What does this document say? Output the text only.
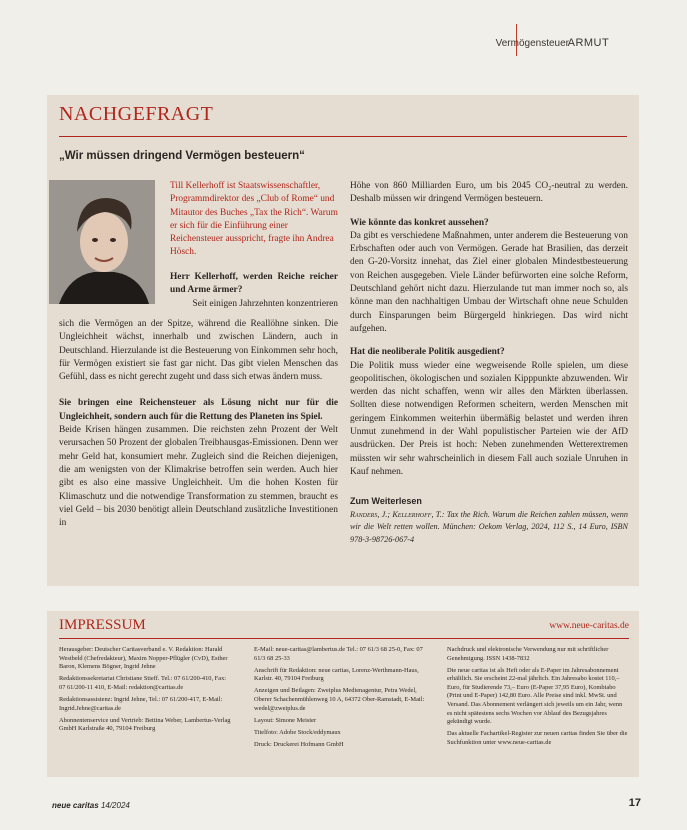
Vermögensteuer
ARMUT
NACHGEFRAGT
„Wir müssen dringend Vermögen besteuern“
Till Kellerhoff ist Staatswissenschaftler, Programmdirektor des „Club of Rome“ und Mitautor des Buches „Tax the Rich“. Warum er sich für die Einführung einer Reichensteuer ausspricht, fragte ihn Andrea Hösch.

Herr Kellerhoff, werden Reiche reicher und Arme ärmer?

Seit einigen Jahrzehnten konzentrieren

sich die Vermögen an der Spitze, während die Reallöhne sinken. Die Ungleichheit wächst, innerhalb und zwischen Ländern, auch in Deutschland. Hierzulande ist die Besteuerung von Einkommen sehr hoch, für Vermögen existiert sie fast gar nicht. Das gibt vielen Menschen das Gefühl, dass es nicht gerecht zugeht und dass sich etwas ändern muss.

Sie bringen eine Reichensteuer als Lösung nicht nur für die Ungleichheit, sondern auch für die Rettung des Planeten ins Spiel.

Beide Krisen hängen zusammen. Die reichsten zehn Prozent der Welt verursachen 50 Prozent der globalen Treibhausgas-Emissionen. Denn wer mehr Geld hat, konsumiert mehr. Zugleich sind die Reichen diejenigen, die am wenigsten von der Klimakrise betroffen sein werden. Auch hier gibt es also eine massive Ungleichheit. Um die hohen Kosten für Klimaschutz und die notwendige Transformation zu stemmen, braucht es viel Geld – bis 2030 benötigt allein Deutschland zusätzliche Investitionen in

Höhe von 860 Milliarden Euro, um bis 2045 CO₂-neutral zu werden. Deshalb müssen wir dringend Vermögen besteuern.

Wie könnte das konkret aussehen?

Da gibt es verschiedene Maßnahmen, unter anderem die Besteuerung von Erbschaften oder auch von Vermögen. Gerade hat Brasilien, das derzeit den G-20-Vorsitz innehat, das Ziel einer globalen Mindestbesteuerung von Reichen ausgegeben. Viele Länder befürworten eine solche Reform, Deutschland gehört nicht dazu. Hierzulande tut man immer noch so, als könne man den nachhaltigen Umbau der Wirtschaft ohne neue Schulden durch Einsparungen beim Bürgergeld hinkriegen. Das wird nicht aufgehen.

Hat die neoliberale Politik ausgedient?

Die Politik muss wieder eine wegweisende Rolle spielen, um diese geopolitischen, ökologischen und sozialen Kipppunkte abzuwenden. Wir werden das nicht schaffen, wenn wir alles den Märkten überlassen. Sollten diese notwendigen Reformen scheitern, werden Menschen mit geringem Einkommen weiterhin übermäßig belastet und werden ihren Unmut zunehmend in der Wahl populistischer Parteien wie der AfD ausdrücken. Der Preis ist hoch: Neben zunehmenden Wetterextremen müssten wir sehr wahrscheinlich in diesem Fall auch soziale Unruhen in Kauf nehmen.

Zum Weiterlesen

Randers, J.; Kellerhoff, T.: Tax the Rich. Warum die Reichen zahlen müssen, wenn wir die Welt retten wollen. München: Oekom Verlag, 2024, 112 S., 14 Euro, ISBN 978-3-98726-067-4

IMPRESSUM	www.neue-caritas.de

Herausgeber: Deutscher Caritasverband e. V. Redaktion: Harald Westbeld (Chefredakteur), Maxim Nopper-Pflügler (CvD), Esther Baron, Klemens Bögner, Ingrid Jehne

Redaktionssekretariat Christiane Stieff. Tel.: 07 61/200-410, Fax: 07 61/200-11 410, E-Mail: redaktion@caritas.de

Redaktionsassistenz: Ingrid Jehne, Tel.: 07 61/200-417, E-Mail: Ingrid.Jehne@caritas.de

Abonnentenservice und Vertrieb: Bettina Weber, Lambertus-Verlag GmbH Karlstraße 40, 79104 Freiburg

E-Mail: neue-caritas@lambertus.de Tel.: 07 61/3 68 25-0, Fax: 07 61/3 68 25-33

Anschrift für Redaktion: neue caritas, Lorenz-Werthmann-Haus, Karlstr. 40, 79104 Freiburg

Anzeigen und Beilagen: Zweiplus Medienagentur, Petra Wedel, Oberer Schachenmühlenweg 10 A, 64372 Ober-Ramstadt, E-Mail: wedel@zweiplus.de

Layout: Simone Meister

Titelfoto: Adobe Stock/eddymaux

Druck: Druckerei Hofmann GmbH

Nachdruck und elektronische Verwendung nur mit schriftlicher Genehmigung. ISSN 1438-7832

Die neue caritas ist als Heft oder als E-Paper im Jahresabonnement erhältlich. Sie erscheint 22-mal jährlich. Ein Jahresabo kostet 110,– Euro, für Studierende 73,– Euro (E-Paper 37,95 Euro), Kombiabo (Print und E-Paper) 142,80 Euro. Alle Preise sind inkl. MwSt. und Versand. Das Abonnement verlängert sich jeweils um ein Jahr, wenn es nicht spätestens sechs Wochen vor Ablauf des Bezugsjahres gekündigt wurde.

Das aktuelle Fachartikel-Register zur neuen caritas finden Sie über die Suchfunktion unter www.neue-caritas.de

neue caritas 14/2024	17
